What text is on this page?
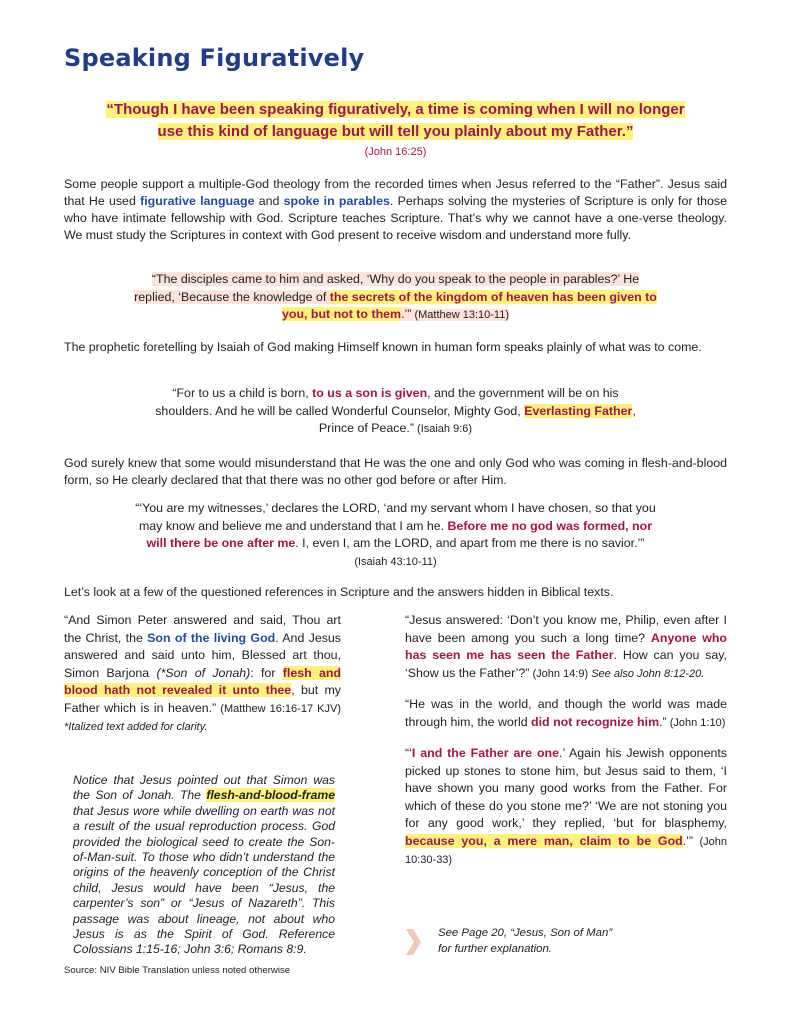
Speaking Figuratively
“Though I have been speaking figuratively, a time is coming when I will no longer
use this kind of language but will tell you plainly about my Father.”
(John 16:25)

Some people support a multiple-God theology from the recorded times when Jesus referred to the “Father”. Jesus said that He used figurative language and spoke in parables. Perhaps solving the mysteries of Scripture is only for those who have intimate fellowship with God. Scripture teaches Scripture. That’s why we cannot have a one-verse theology. We must study the Scriptures in context with God present to receive wisdom and understand more fully.

“The disciples came to him and asked, ‘Why do you speak to the people in parables?’ He
replied, ‘Because the knowledge of the secrets of the kingdom of heaven has been given to
you, but not to them.’” (Matthew 13:10-11)

The prophetic foretelling by Isaiah of God making Himself known in human form speaks plainly of what was to come.

“For to us a child is born, to us a son is given, and the government will be on his
shoulders. And he will be called Wonderful Counselor, Mighty God, Everlasting Father,
Prince of Peace.” (Isaiah 9:6)

God surely knew that some would misunderstand that He was the one and only God who was coming in flesh-and-blood form, so He clearly declared that that there was no other god before or after Him.

“‘You are my witnesses,’ declares the LORD, ‘and my servant whom I have chosen, so that you
may know and believe me and understand that I am he. Before me no god was formed, nor
will there be one after me. I, even I, am the LORD, and apart from me there is no savior.’”
(Isaiah 43:10-11)

Let’s look at a few of the questioned references in Scripture and the answers hidden in Biblical texts.

“And Simon Peter answered and said, Thou art the Christ, the Son of the living God. And Jesus answered and said unto him, Blessed art thou, Simon Barjona (*Son of Jonah): for flesh and blood hath not revealed it unto thee, but my Father which is in heaven.” (Matthew 16:16-17 KJV) *Italized text added for clarity.
Notice that Jesus pointed out that Simon was the Son of Jonah. The flesh-and-blood-frame that Jesus wore while dwelling on earth was not a result of the usual reproduction process. God provided the biological seed to create the Son-of-Man-suit. To those who didn’t understand the origins of the heavenly conception of the Christ child, Jesus would have been “Jesus, the carpenter’s son” or “Jesus of Nazareth”. This passage was about lineage, not about who Jesus is as the Spirit of God. Reference Colossians 1:15-16; John 3:6; Romans 8:9.

“Jesus answered: ‘Don’t you know me, Philip, even after I have been among you such a long time? Anyone who has seen me has seen the Father. How can you say, ‘Show us the Father’?” (John 14:9) See also John 8:12-20.

“He was in the world, and though the world was made through him, the world did not recognize him.” (John 1:10)

“‘I and the Father are one.’ Again his Jewish opponents picked up stones to stone him, but Jesus said to them, ‘I have shown you many good works from the Father. For which of these do you stone me?’ ‘We are not stoning you for any good work,’ they replied, ‘but for blasphemy, because you, a mere man, claim to be God.’” (John 10:30-33)

See Page 20, “Jesus, Son of Man”
for further explanation.
Source: NIV Bible Translation unless noted otherwise
